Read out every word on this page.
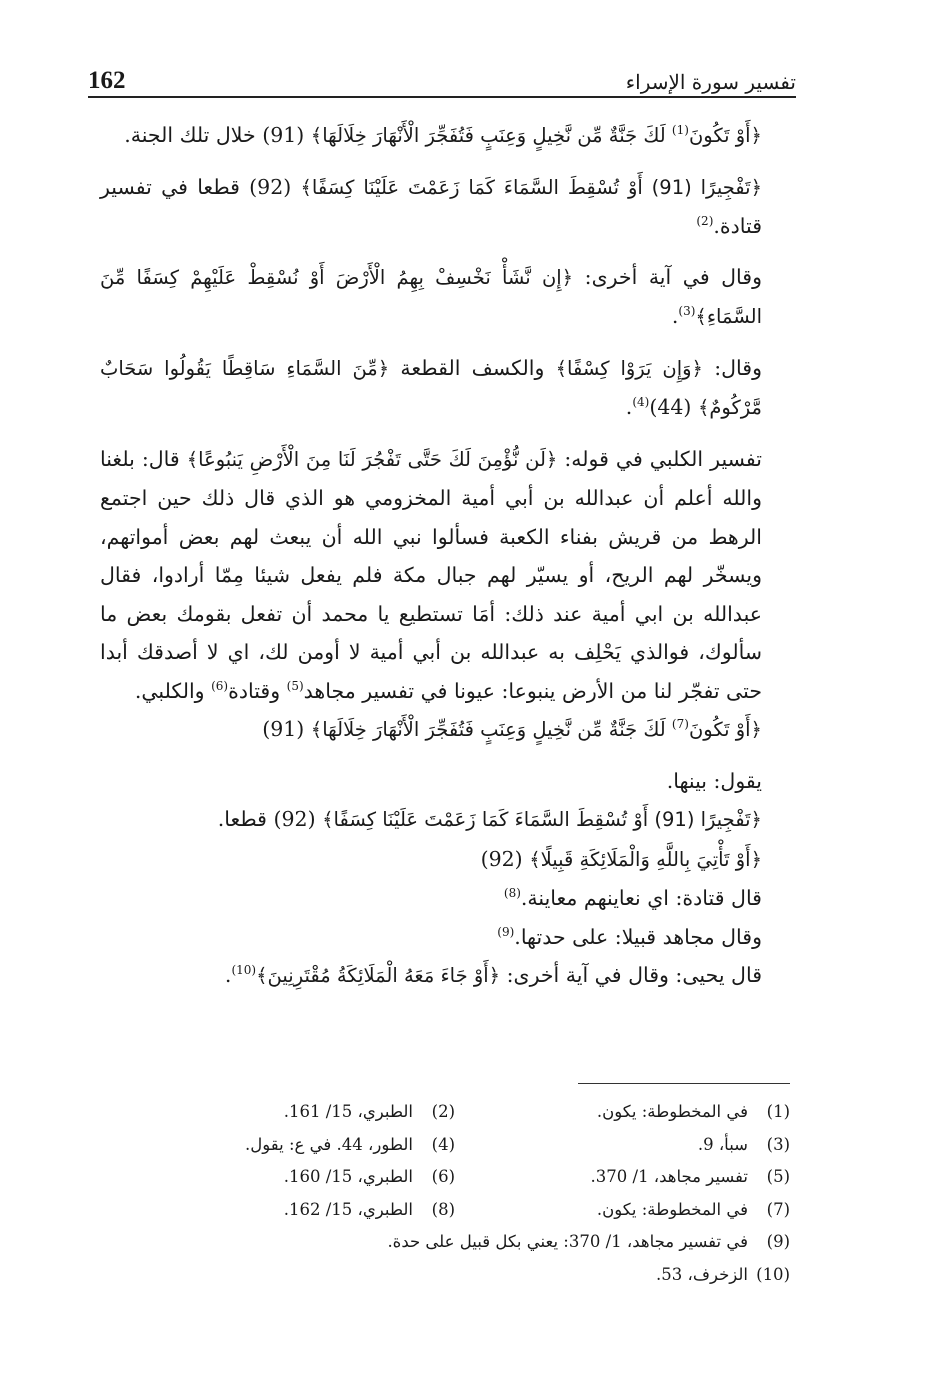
162	تفسير سورة الإسراء

﴿أَوْ تَكُونَ$^{(1)}$ لَكَ جَنَّةٌ مِّن نَّخِيلٍ وَعِنَبٍ فَتُفَجِّرَ الْأَنْهَارَ خِلَالَهَا﴾ (91) خلال تلك الجنة.

﴿تَفْجِيرًا (91) أَوْ تُسْقِطَ السَّمَاءَ كَمَا زَعَمْتَ عَلَيْنَا كِسَفًا﴾ (92) قطعا في تفسير قتادة.$^{(2)}$

وقال في آية أخرى: ﴿إِن نَّشَأْ نَخْسِفْ بِهِمُ الْأَرْضَ أَوْ نُسْقِطْ عَلَيْهِمْ كِسَفًا مِّنَ السَّمَاءِ﴾$^{(3)}$.

وقال: ﴿وَإِن يَرَوْا كِسْفًا﴾ والكسف القطعة ﴿مِّنَ السَّمَاءِ سَاقِطًا يَقُولُوا سَحَابٌ مَّرْكُومٌ﴾ $(44)^{(4)}$.

تفسير الكلبي في قوله: ﴿لَن نُّؤْمِنَ لَكَ حَتَّى تَفْجُرَ لَنَا مِنَ الْأَرْضِ يَنبُوعًا﴾ قال: بلغنا والله أعلم أن عبدالله بن أبي أمية المخزومي هو الذي قال ذلك حين اجتمع الرهط من قريش بفناء الكعبة فسألوا نبي الله أن يبعث لهم بعض أمواتهم، ويسخّر لهم الريح، أو يسيّر لهم جبال مكة فلم يفعل شيئا مِمّا أرادوا، فقال عبدالله بن ابي أمية عند ذلك: أمَا تستطيع يا محمد أن تفعل بقومك بعض ما سألوك، فوالذي يَحْلِف به عبدالله بن أبي أمية لا أومن لك، اي لا أصدقك أبدا حتى تفجّر لنا من الأرض ينبوعا: عيونا في تفسير مجاهد$^{(5)}$ وقتادة$^{(6)}$ والكلبي.

﴿أَوْ تَكُونَ$^{(7)}$ لَكَ جَنَّةٌ مِّن نَّخِيلٍ وَعِنَبٍ فَتُفَجِّرَ الْأَنْهَارَ خِلَالَهَا﴾ (91)

يقول: بينها.

﴿تَفْجِيرًا (91) أَوْ تُسْقِطَ السَّمَاءَ كَمَا زَعَمْتَ عَلَيْنَا كِسَفًا﴾ (92) قطعا.

﴿أَوْ تَأْتِيَ بِاللَّهِ وَالْمَلَائِكَةِ قَبِيلًا﴾ (92)

قال قتادة: اي نعاينهم معاينة.$^{(8)}$

وقال مجاهد قبيلا: على حدتها.$^{(9)}$

قال يحيى: وقال في آية أخرى: ﴿أَوْ جَاءَ مَعَهُ الْمَلَائِكَةُ مُقْتَرِنِينَ﴾$^{(10)}$.

(1)في المخطوطة: يكون.
(2)الطبري، 15/ 161.
(3)سبأ، 9.
(4)الطور، 44. في ع: يقول.
(5)تفسير مجاهد، 1/ 370.
(6)الطبري، 15/ 160.
(7)في المخطوطة: يكون.
(8)الطبري، 15/ 162.
(9)في تفسير مجاهد، 1/ 370: يعني بكل قبيل على حدة.
(10)الزخرف، 53.
